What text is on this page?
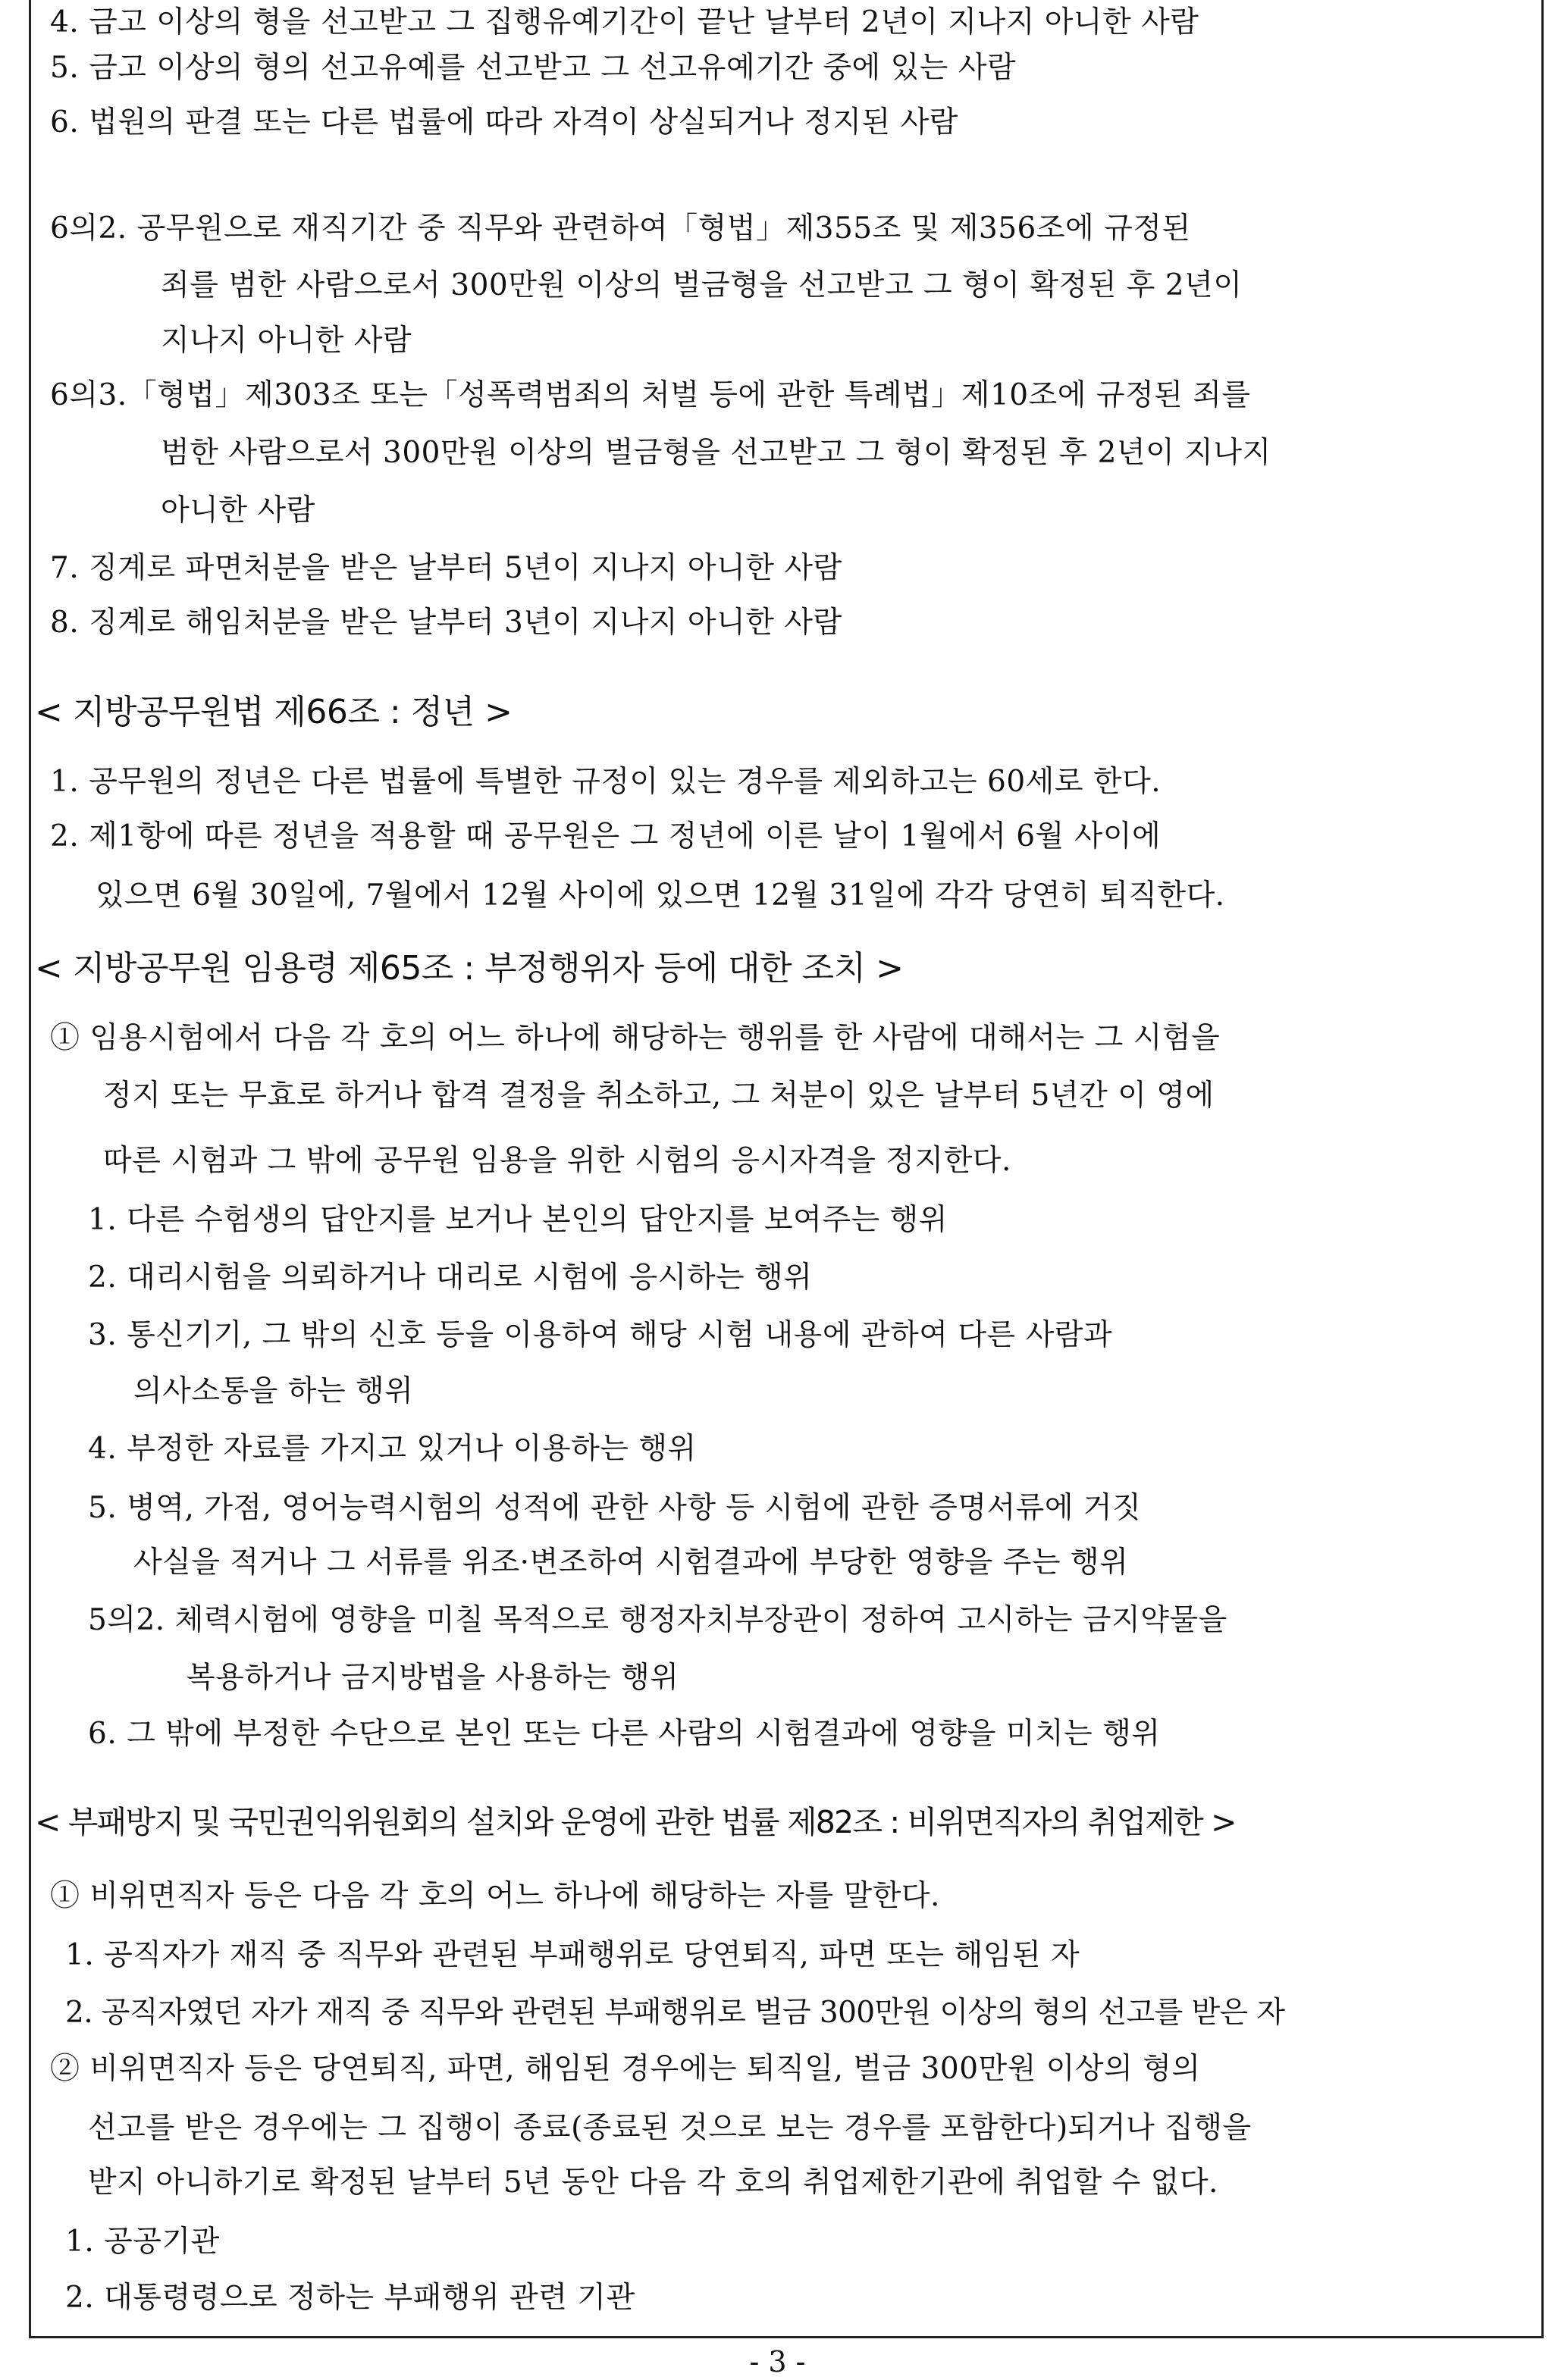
4. 금고 이상의 형을 선고받고 그 집행유예기간이 끝난 날부터 2년이 지나지 아니한 사람
5. 금고 이상의 형의 선고유예를 선고받고 그 선고유예기간 중에 있는 사람
6. 법원의 판결 또는 다른 법률에 따라 자격이 상실되거나 정지된 사람
6의2. 공무원으로 재직기간 중 직무와 관련하여「형법」제355조 및 제356조에 규정된
죄를 범한 사람으로서 300만원 이상의 벌금형을 선고받고 그 형이 확정된 후 2년이
지나지 아니한 사람
6의3.「형법」제303조 또는「성폭력범죄의 처벌 등에 관한 특례법」제10조에 규정된 죄를
범한 사람으로서 300만원 이상의 벌금형을 선고받고 그 형이 확정된 후 2년이 지나지
아니한 사람
7. 징계로 파면처분을 받은 날부터 5년이 지나지 아니한 사람
8. 징계로 해임처분을 받은 날부터 3년이 지나지 아니한 사람
< 지방공무원법 제66조 : 정년 >
1. 공무원의 정년은 다른 법률에 특별한 규정이 있는 경우를 제외하고는 60세로 한다.
2. 제1항에 따른 정년을 적용할 때 공무원은 그 정년에 이른 날이 1월에서 6월 사이에
있으면 6월 30일에, 7월에서 12월 사이에 있으면 12월 31일에 각각 당연히 퇴직한다.
< 지방공무원 임용령 제65조 : 부정행위자 등에 대한 조치 >
① 임용시험에서 다음 각 호의 어느 하나에 해당하는 행위를 한 사람에 대해서는 그 시험을
정지 또는 무효로 하거나 합격 결정을 취소하고, 그 처분이 있은 날부터 5년간 이 영에
따른 시험과 그 밖에 공무원 임용을 위한 시험의 응시자격을 정지한다.
1. 다른 수험생의 답안지를 보거나 본인의 답안지를 보여주는 행위
2. 대리시험을 의뢰하거나 대리로 시험에 응시하는 행위
3. 통신기기, 그 밖의 신호 등을 이용하여 해당 시험 내용에 관하여 다른 사람과
의사소통을 하는 행위
4. 부정한 자료를 가지고 있거나 이용하는 행위
5. 병역, 가점, 영어능력시험의 성적에 관한 사항 등 시험에 관한 증명서류에 거짓
사실을 적거나 그 서류를 위조·변조하여 시험결과에 부당한 영향을 주는 행위
5의2. 체력시험에 영향을 미칠 목적으로 행정자치부장관이 정하여 고시하는 금지약물을
복용하거나 금지방법을 사용하는 행위
6. 그 밖에 부정한 수단으로 본인 또는 다른 사람의 시험결과에 영향을 미치는 행위
< 부패방지 및 국민권익위원회의 설치와 운영에 관한 법률 제82조 : 비위면직자의 취업제한 >
① 비위면직자 등은 다음 각 호의 어느 하나에 해당하는 자를 말한다.
1. 공직자가 재직 중 직무와 관련된 부패행위로 당연퇴직, 파면 또는 해임된 자
2. 공직자였던 자가 재직 중 직무와 관련된 부패행위로 벌금 300만원 이상의 형의 선고를 받은 자
② 비위면직자 등은 당연퇴직, 파면, 해임된 경우에는 퇴직일, 벌금 300만원 이상의 형의
선고를 받은 경우에는 그 집행이 종료(종료된 것으로 보는 경우를 포함한다)되거나 집행을
받지 아니하기로 확정된 날부터 5년 동안 다음 각 호의 취업제한기관에 취업할 수 없다.
1. 공공기관
2. 대통령령으로 정하는 부패행위 관련 기관
- 3 -
